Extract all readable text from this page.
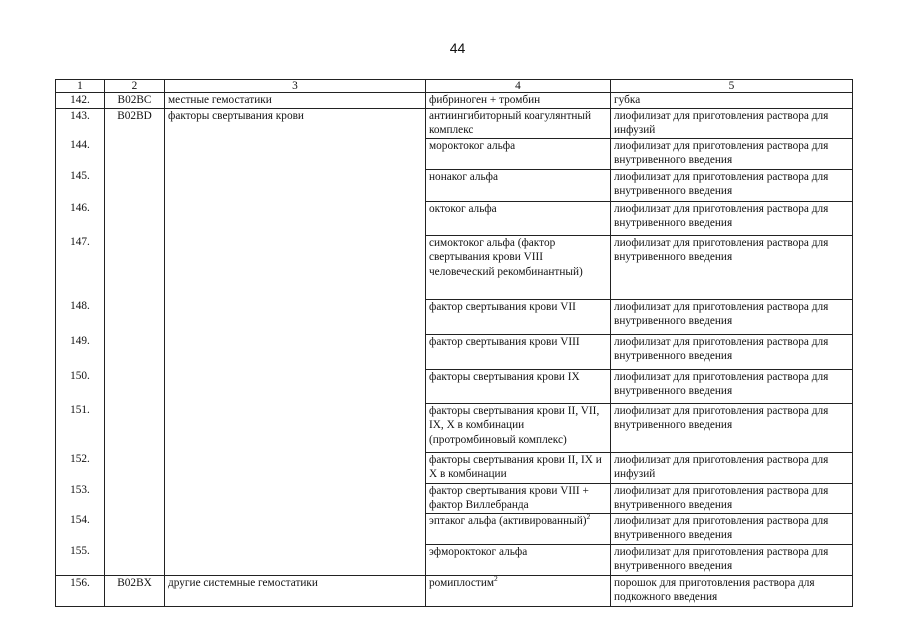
44
1	2	3	4	5
142.	B02BC	местные гемостатики	фибриноген + тромбин	губка
143.	B02BD	факторы свертывания крови	антиингибиторный коагулянтный комплекс	лиофилизат для приготовления раствора для инфузий
144.			мороктоког альфа	лиофилизат для приготовления раствора для внутривенного введения
145.			нонаког альфа	лиофилизат для приготовления раствора для внутривенного введения
146.			октоког альфа	лиофилизат для приготовления раствора для внутривенного введения
147.			симоктоког альфа (фактор свертывания крови VIII человеческий рекомбинантный)	лиофилизат для приготовления раствора для внутривенного введения
148.			фактор свертывания крови VII	лиофилизат для приготовления раствора для внутривенного введения
149.			фактор свертывания крови VIII	лиофилизат для приготовления раствора для внутривенного введения
150.			факторы свертывания крови IX	лиофилизат для приготовления раствора для внутривенного введения
151.			факторы свертывания крови II, VII, IX, X в комбинации (протромбиновый комплекс)	лиофилизат для приготовления раствора для внутривенного введения
152.			факторы свертывания крови II, IX и X в комбинации	лиофилизат для приготовления раствора для инфузий
153.			фактор свертывания крови VIII + фактор Виллебранда	лиофилизат для приготовления раствора для внутривенного введения
154.			эптаког альфа (активированный)$^2$	лиофилизат для приготовления раствора для внутривенного введения
155.			эфмороктоког альфа	лиофилизат для приготовления раствора для внутривенного введения
156.	B02BX	другие системные гемостатики	ромиплостим$^2$	порошок для приготовления раствора для подкожного введения
